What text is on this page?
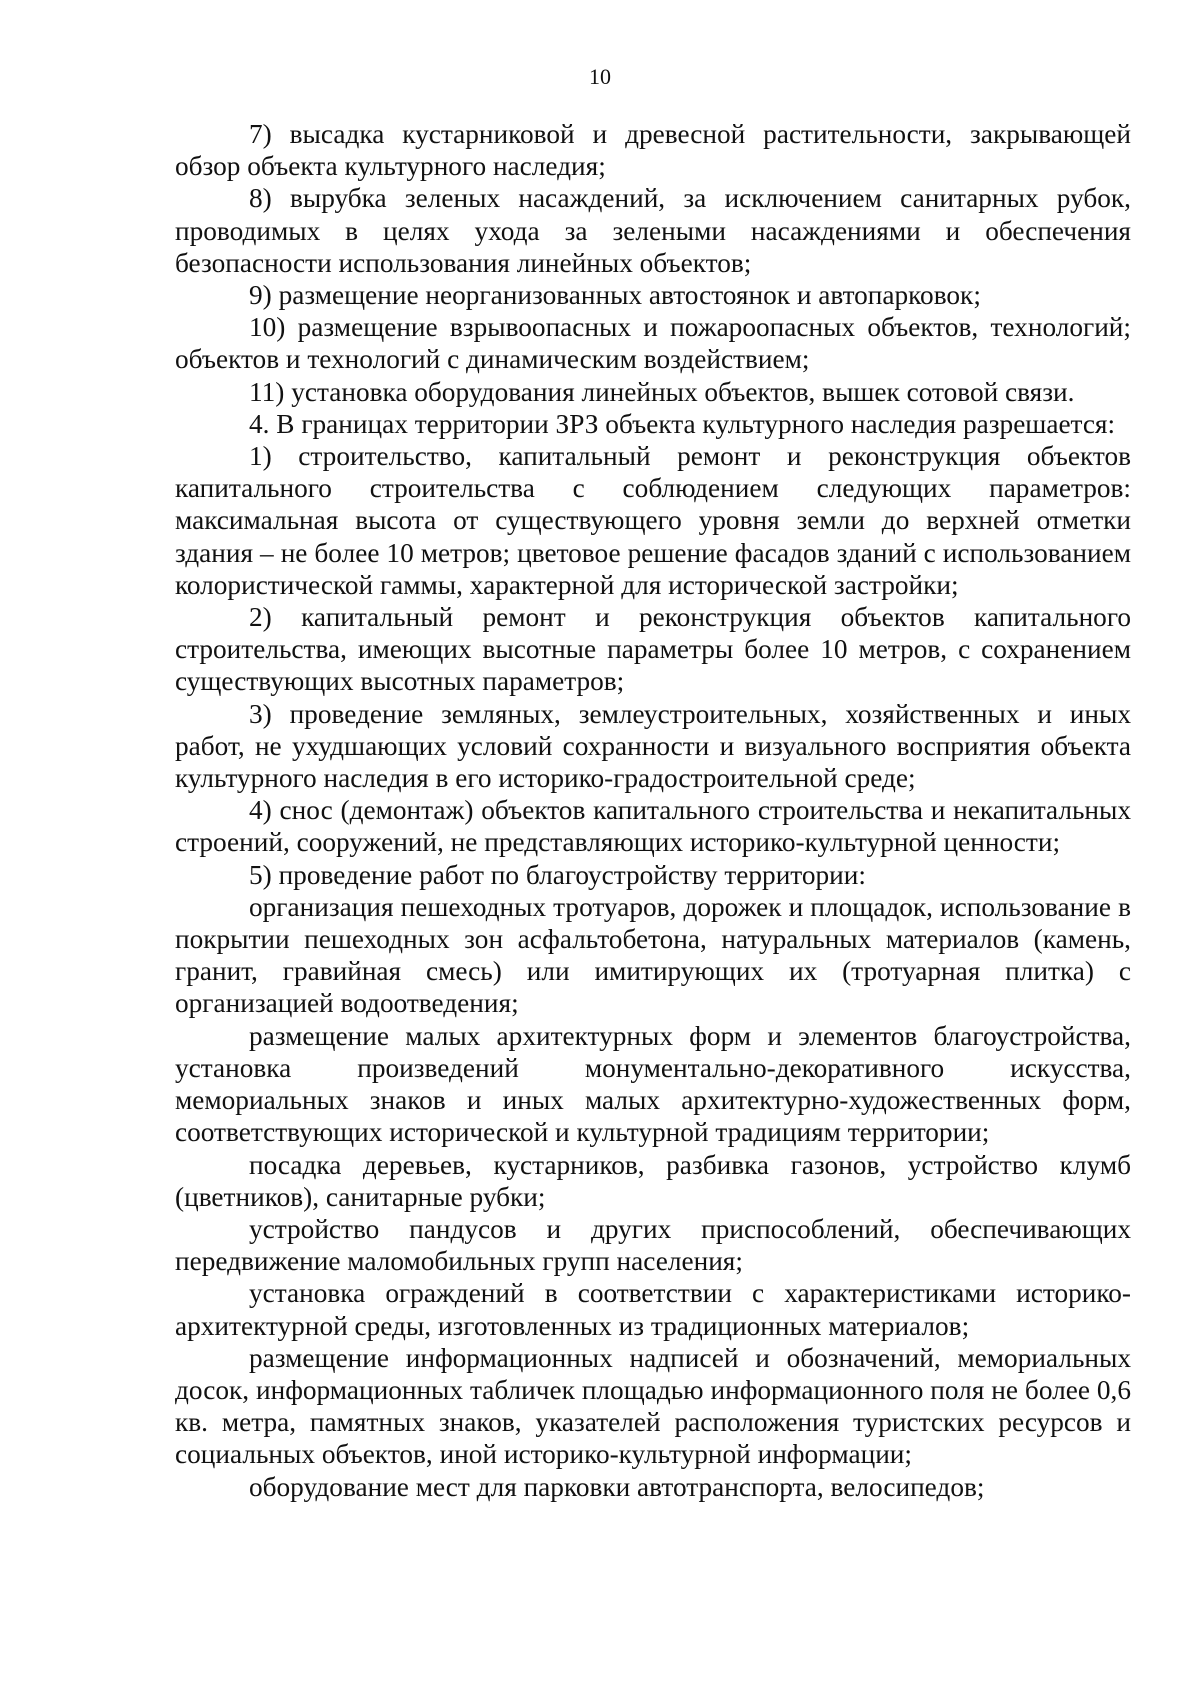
10

7) высадка кустарниковой и древесной растительности, закрывающей обзор объекта культурного наследия;

8) вырубка зеленых насаждений, за исключением санитарных рубок, проводимых в целях ухода за зелеными насаждениями и обеспечения безопасности использования линейных объектов;

9) размещение неорганизованных автостоянок и автопарковок;

10) размещение взрывоопасных и пожароопасных объектов, технологий; объектов и технологий с динамическим воздействием;

11) установка оборудования линейных объектов, вышек сотовой связи.

4. В границах территории ЗРЗ объекта культурного наследия разрешается:

1) строительство, капитальный ремонт и реконструкция объектов капитального строительства с соблюдением следующих параметров: максимальная высота от существующего уровня земли до верхней отметки здания – не более 10 метров; цветовое решение фасадов зданий с использованием колористической гаммы, характерной для исторической застройки;

2) капитальный ремонт и реконструкция объектов капитального строительства, имеющих высотные параметры более 10 метров, с сохранением существующих высотных параметров;

3) проведение земляных, землеустроительных, хозяйственных и иных работ, не ухудшающих условий сохранности и визуального восприятия объекта культурного наследия в его историко-градостроительной среде;

4) снос (демонтаж) объектов капитального строительства и некапитальных строений, сооружений, не представляющих историко-культурной ценности;

5) проведение работ по благоустройству территории:

организация пешеходных тротуаров, дорожек и площадок, использование в покрытии пешеходных зон асфальтобетона, натуральных материалов (камень, гранит, гравийная смесь) или имитирующих их (тротуарная плитка) с организацией водоотведения;

размещение малых архитектурных форм и элементов благоустройства, установка произведений монументально-декоративного искусства, мемориальных знаков и иных малых архитектурно-художественных форм, соответствующих исторической и культурной традициям территории;

посадка деревьев, кустарников, разбивка газонов, устройство клумб (цветников), санитарные рубки;

устройство пандусов и других приспособлений, обеспечивающих передвижение маломобильных групп населения;

установка ограждений в соответствии с характеристиками историко-архитектурной среды, изготовленных из традиционных материалов;

размещение информационных надписей и обозначений, мемориальных досок, информационных табличек площадью информационного поля не более 0,6 кв. метра, памятных знаков, указателей расположения туристских ресурсов и социальных объектов, иной историко-культурной информации;

оборудование мест для парковки автотранспорта, велосипедов;
